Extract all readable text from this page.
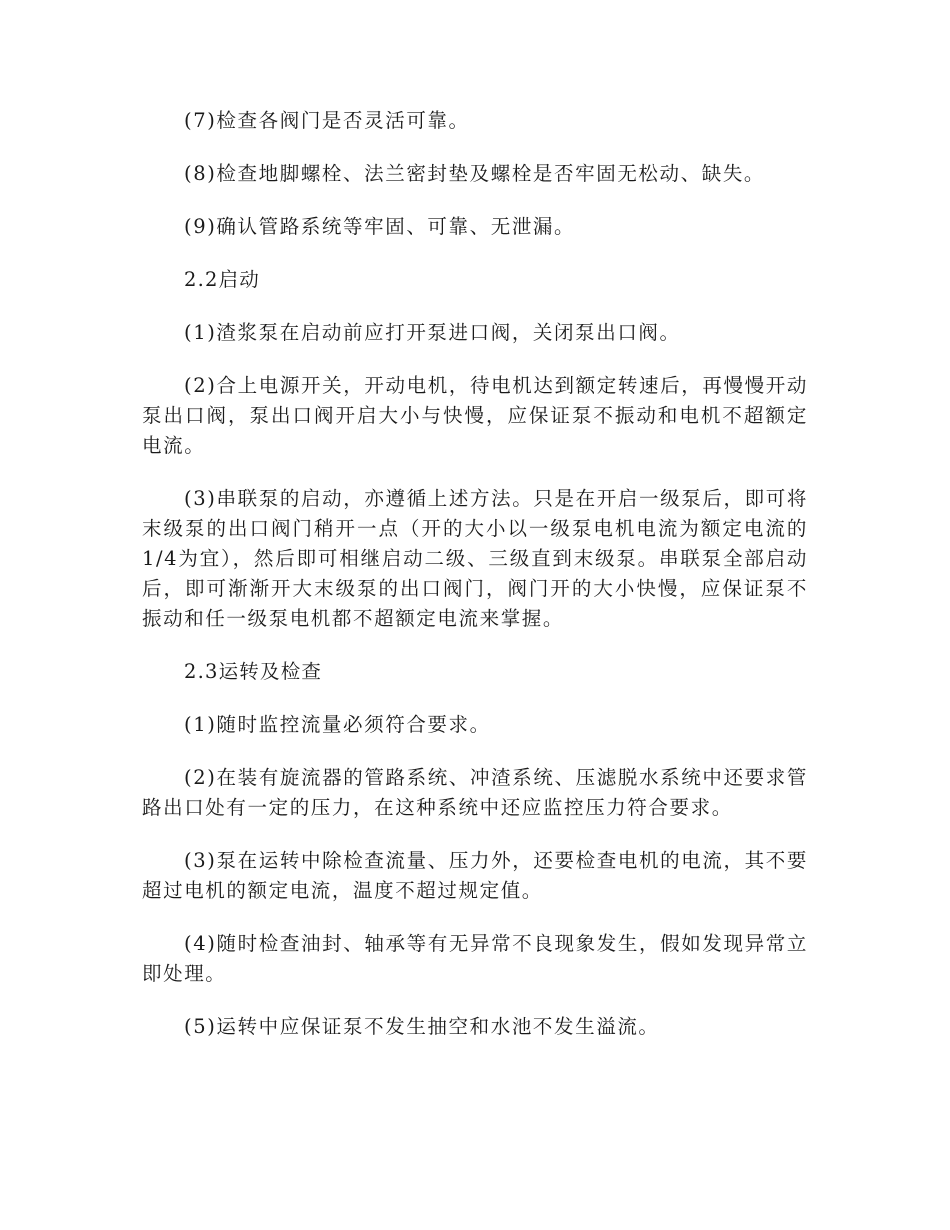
(7)检查各阀门是否灵活可靠。

(8)检查地脚螺栓、法兰密封垫及螺栓是否牢固无松动、缺失。

(9)确认管路系统等牢固、可靠、无泄漏。

2.2启动

(1)渣浆泵在启动前应打开泵进口阀，关闭泵出口阀。

(2)合上电源开关，开动电机，待电机达到额定转速后，再慢慢开动泵出口阀，泵出口阀开启大小与快慢，应保证泵不振动和电机不超额定电流。

(3)串联泵的启动，亦遵循上述方法。只是在开启一级泵后，即可将末级泵的出口阀门稍开一点（开的大小以一级泵电机电流为额定电流的1/4为宜），然后即可相继启动二级、三级直到末级泵。串联泵全部启动后，即可渐渐开大末级泵的出口阀门，阀门开的大小快慢，应保证泵不振动和任一级泵电机都不超额定电流来掌握。

2.3运转及检查

(1)随时监控流量必须符合要求。

(2)在装有旋流器的管路系统、冲渣系统、压滤脱水系统中还要求管路出口处有一定的压力，在这种系统中还应监控压力符合要求。

(3)泵在运转中除检查流量、压力外，还要检查电机的电流，其不要超过电机的额定电流，温度不超过规定值。

(4)随时检查油封、轴承等有无异常不良现象发生，假如发现异常立即处理。

(5)运转中应保证泵不发生抽空和水池不发生溢流。
